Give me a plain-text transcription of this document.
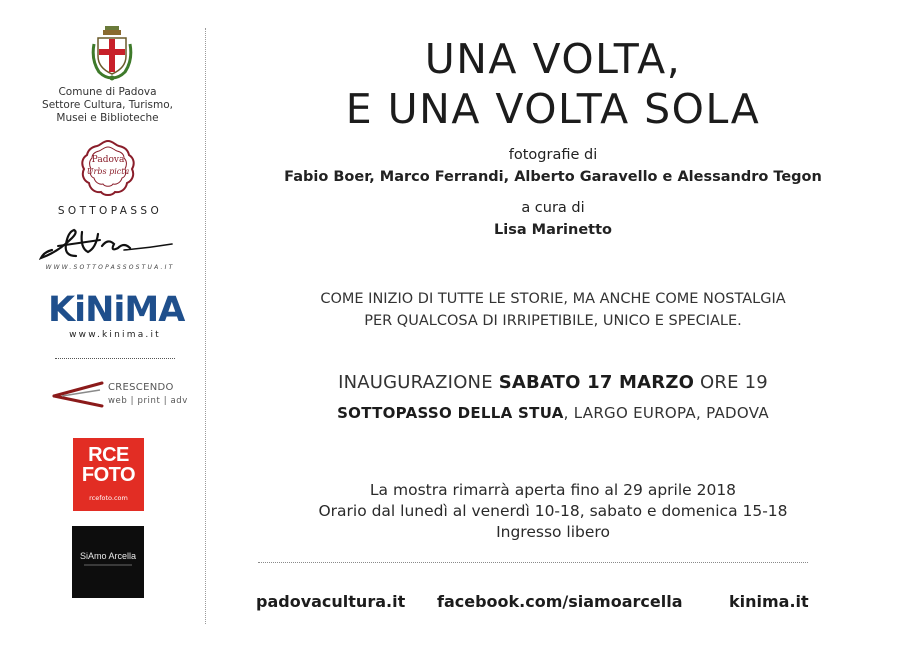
Comune di Padova
Settore Cultura, Turismo,
Musei e Biblioteche
Padova
Urbs picta
SOTTOPASSO
WWW.SOTTOPASSOSTUA.IT
KiNiMA
www.kinima.it
CRESCENDO
web | print | adv
RCE
FOTO
rcefoto.com
SiAmo Arcella
UNA VOLTA,
E UNA VOLTA SOLA
fotografie di
Fabio Boer, Marco Ferrandi, Alberto Garavello e Alessandro Tegon
a cura di
Lisa Marinetto
COME INIZIO DI TUTTE LE STORIE, MA ANCHE COME NOSTALGIA
PER QUALCOSA DI IRRIPETIBILE, UNICO E SPECIALE.
INAUGURAZIONE SABATO 17 MARZO ORE 19
SOTTOPASSO DELLA STUA, LARGO EUROPA, PADOVA
La mostra rimarrà aperta fino al 29 aprile 2018
Orario dal lunedì al venerdì 10-18, sabato e domenica 15-18
Ingresso libero
padovacultura.it facebook.com/siamoarcella	kinima.it
